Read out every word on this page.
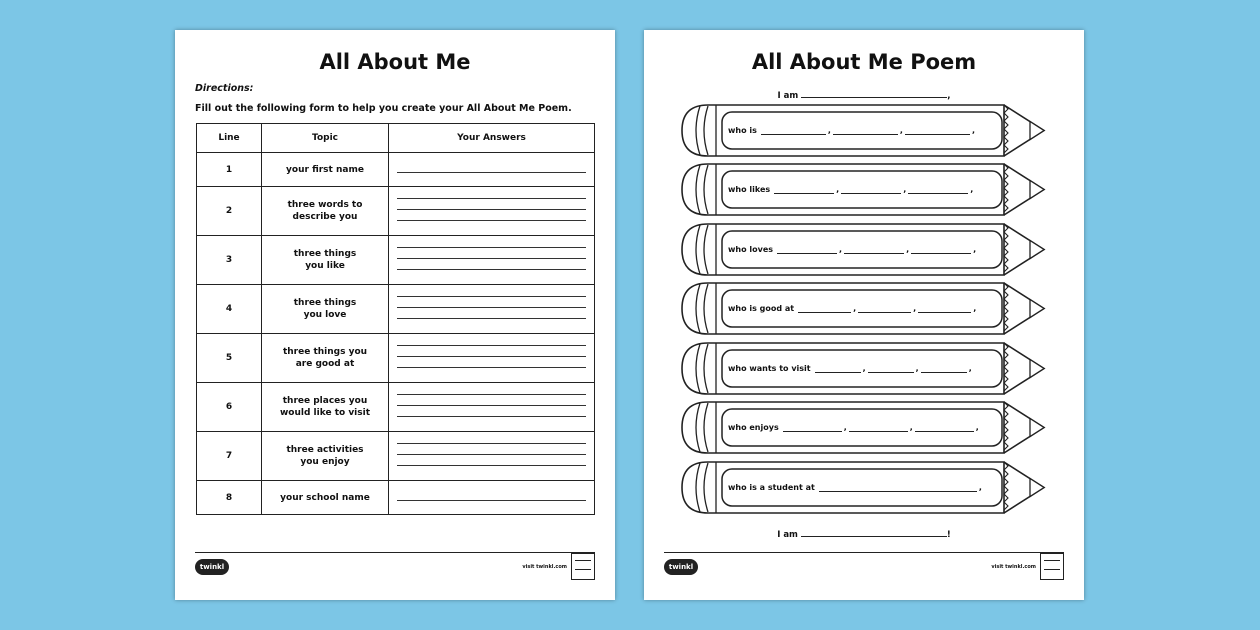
All About Me
Directions:
Fill out the following form to help you create your All About Me Poem.
Line	Topic	Your Answers
1	your first name	

2	three words to
describe you	

3	three things
you like	

4	three things
you love	

5	three things you
are good at	

6	three places you
would like to visit	

7	three activities
you enjoy	

8	your school name	

twinkl	visit twinkl.com
All About Me Poem
I am	,
who is	,	,	,
who likes	,	,	,
who loves	,	,	,
who is good at	,	,	,
who wants to visit	,	,	,
who enjoys	,	,	,
who is a student at	,
I am	!
twinkl	visit twinkl.com
